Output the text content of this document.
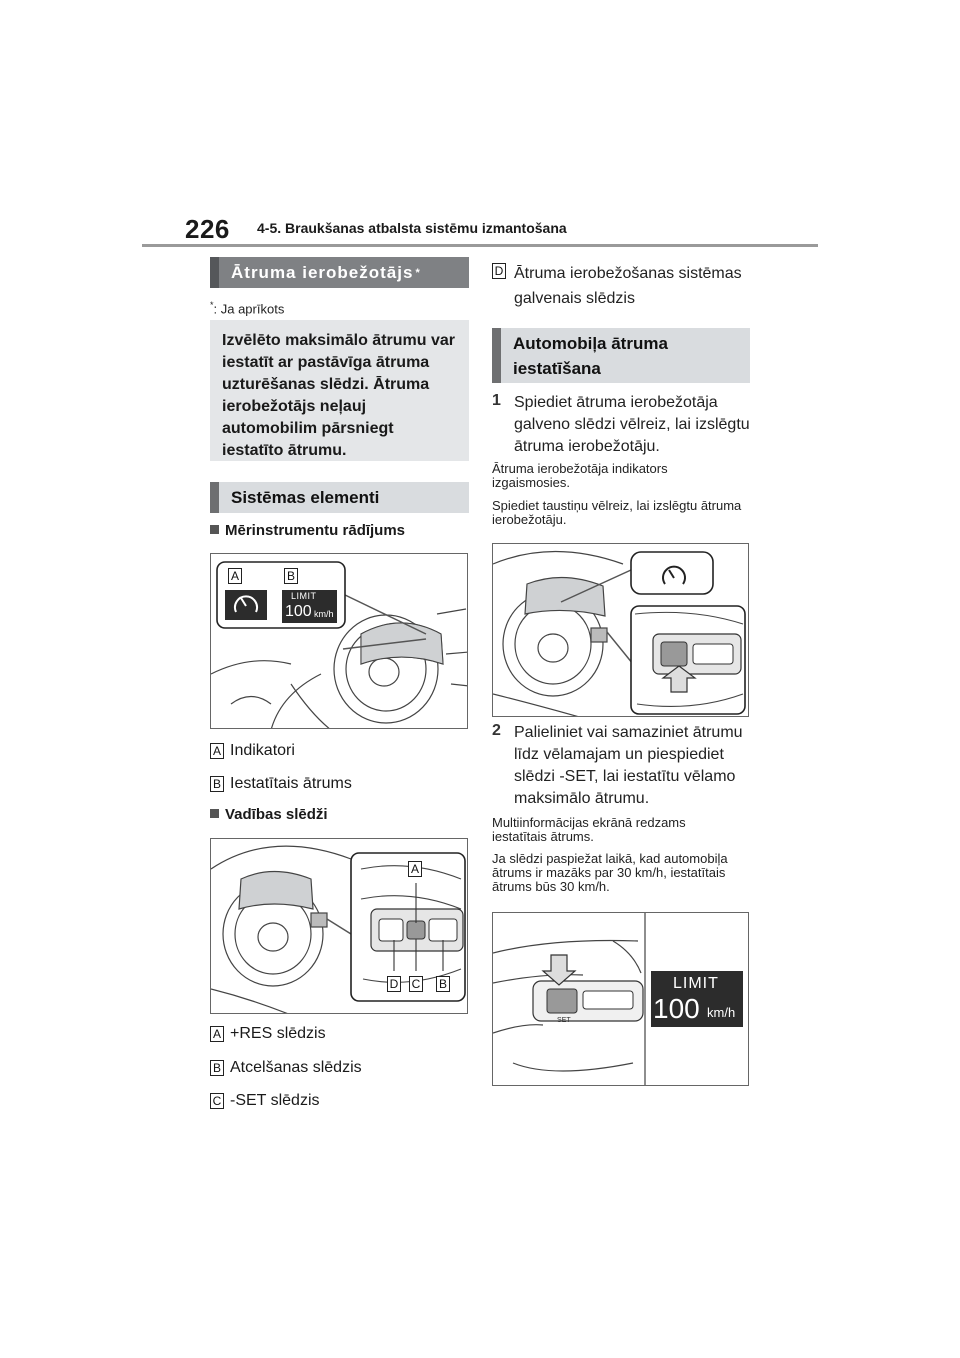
226 4-5. Braukšanas atbalsta sistēmu izmantošana
Ātruma ierobežotājs *
*: Ja aprīkots
Izvēlēto maksimālo ātrumu var iestatīt ar pastāvīga ātruma uzturēšanas slēdzi. Ātruma ierobežotājs neļauj automobilim pārsniegt iestatīto ātrumu.
Sistēmas elementi
Mērinstrumentu rādījums
A	B
LIMIT
100 km/h
A Indikatori
B Iestatītais ātrums
Vadības slēdži
A
D C B
A +RES slēdzis
B Atcelšanas slēdzis
C -SET slēdzis
D Ātruma ierobežošanas sistēmas galvenais slēdzis
Automobiļa ātruma iestatīšana
1 Spiediet ātruma ierobežotāja galveno slēdzi vēlreiz, lai izslēgtu ātruma ierobežotāju.
Ātruma ierobežotāja indikators izgaismosies.
Spiediet taustiņu vēlreiz, lai izslēgtu ātruma ierobežotāju.
2 Palieliniet vai samaziniet ātrumu līdz vēlamajam un piespiediet slēdzi -SET, lai iestatītu vēlamo maksimālo ātrumu.
Multiinformācijas ekrānā redzams iestatītais ātrums.
Ja slēdzi paspiežat laikā, kad automobiļa ātrums ir mazāks par 30 km/h, iestatītais ātrums būs 30 km/h.
SET
LIMIT
100 km/h
